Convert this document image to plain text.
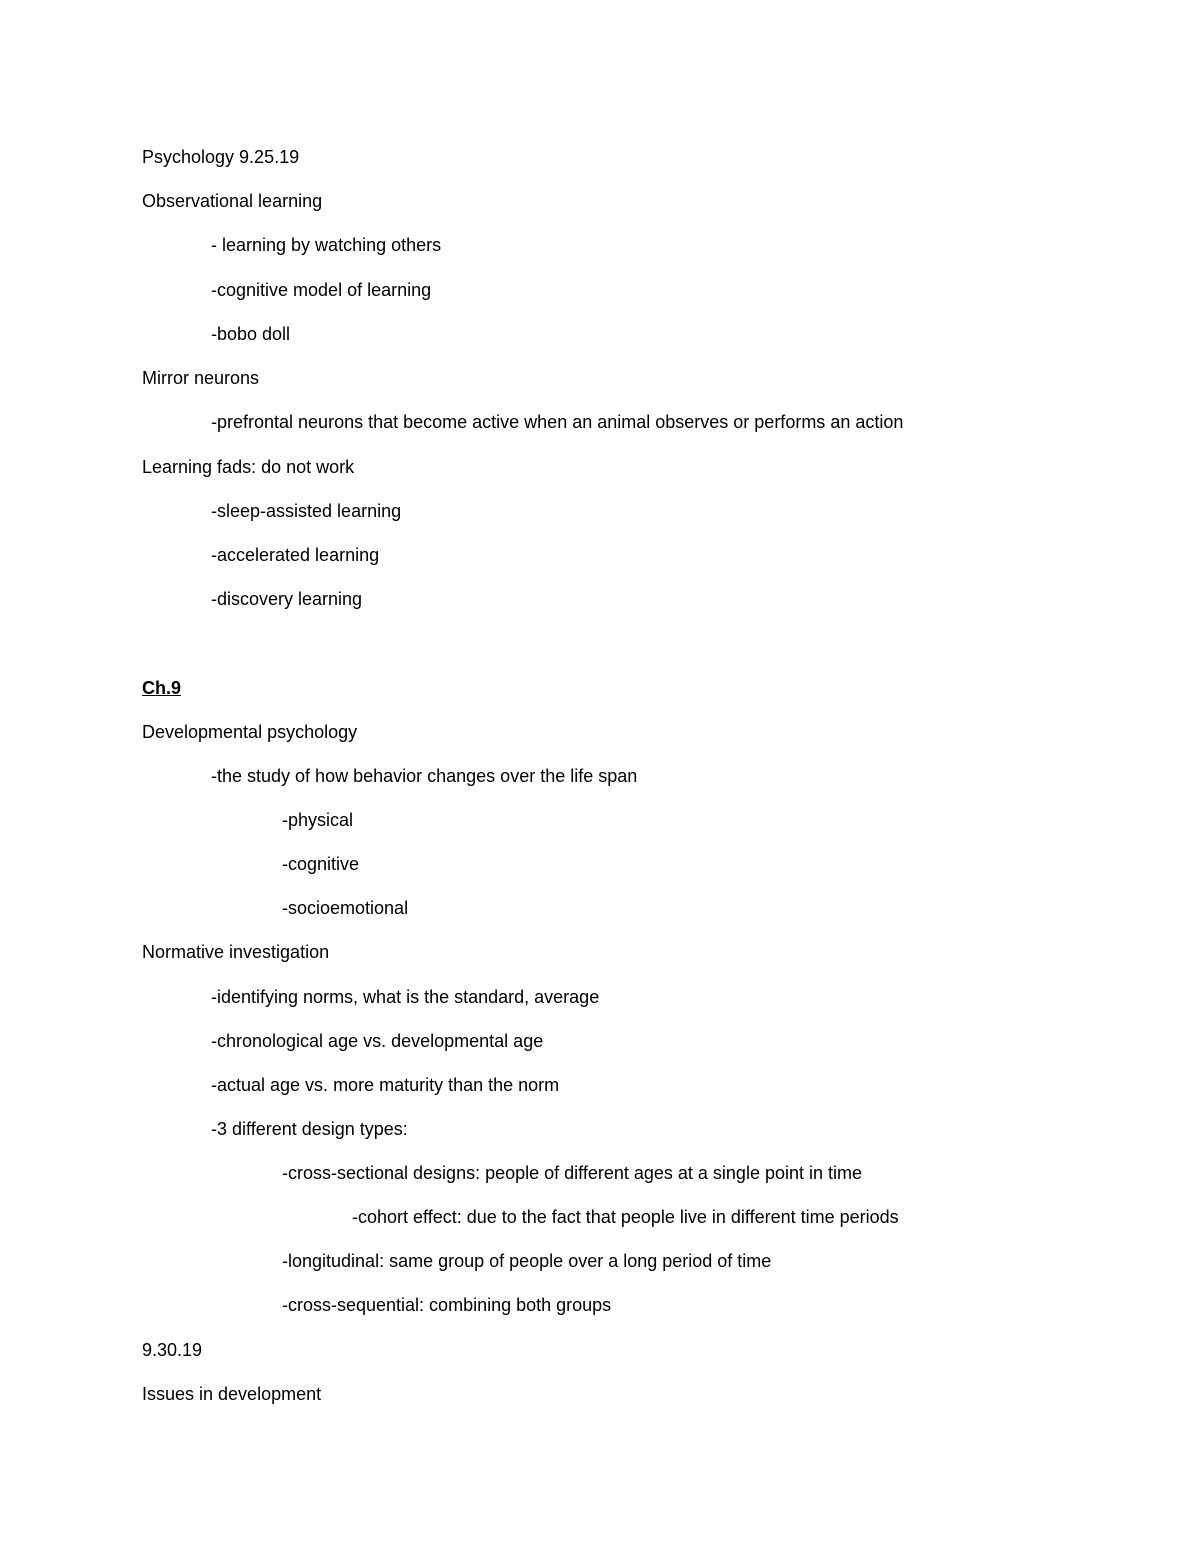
Psychology 9.25.19
Observational learning
- learning by watching others
-cognitive model of learning
-bobo doll
Mirror neurons
-prefrontal neurons that become active when an animal observes or performs an action
Learning fads: do not work
-sleep-assisted learning
-accelerated learning
-discovery learning
Ch.9
Developmental psychology
-the study of how behavior changes over the life span
-physical
-cognitive
-socioemotional
Normative investigation
-identifying norms, what is the standard, average
-chronological age vs. developmental age
-actual age vs. more maturity than the norm
-3 different design types:
-cross-sectional designs: people of different ages at a single point in time
-cohort effect: due to the fact that people live in different time periods
-longitudinal: same group of people over a long period of time
-cross-sequential: combining both groups
9.30.19
Issues in development
